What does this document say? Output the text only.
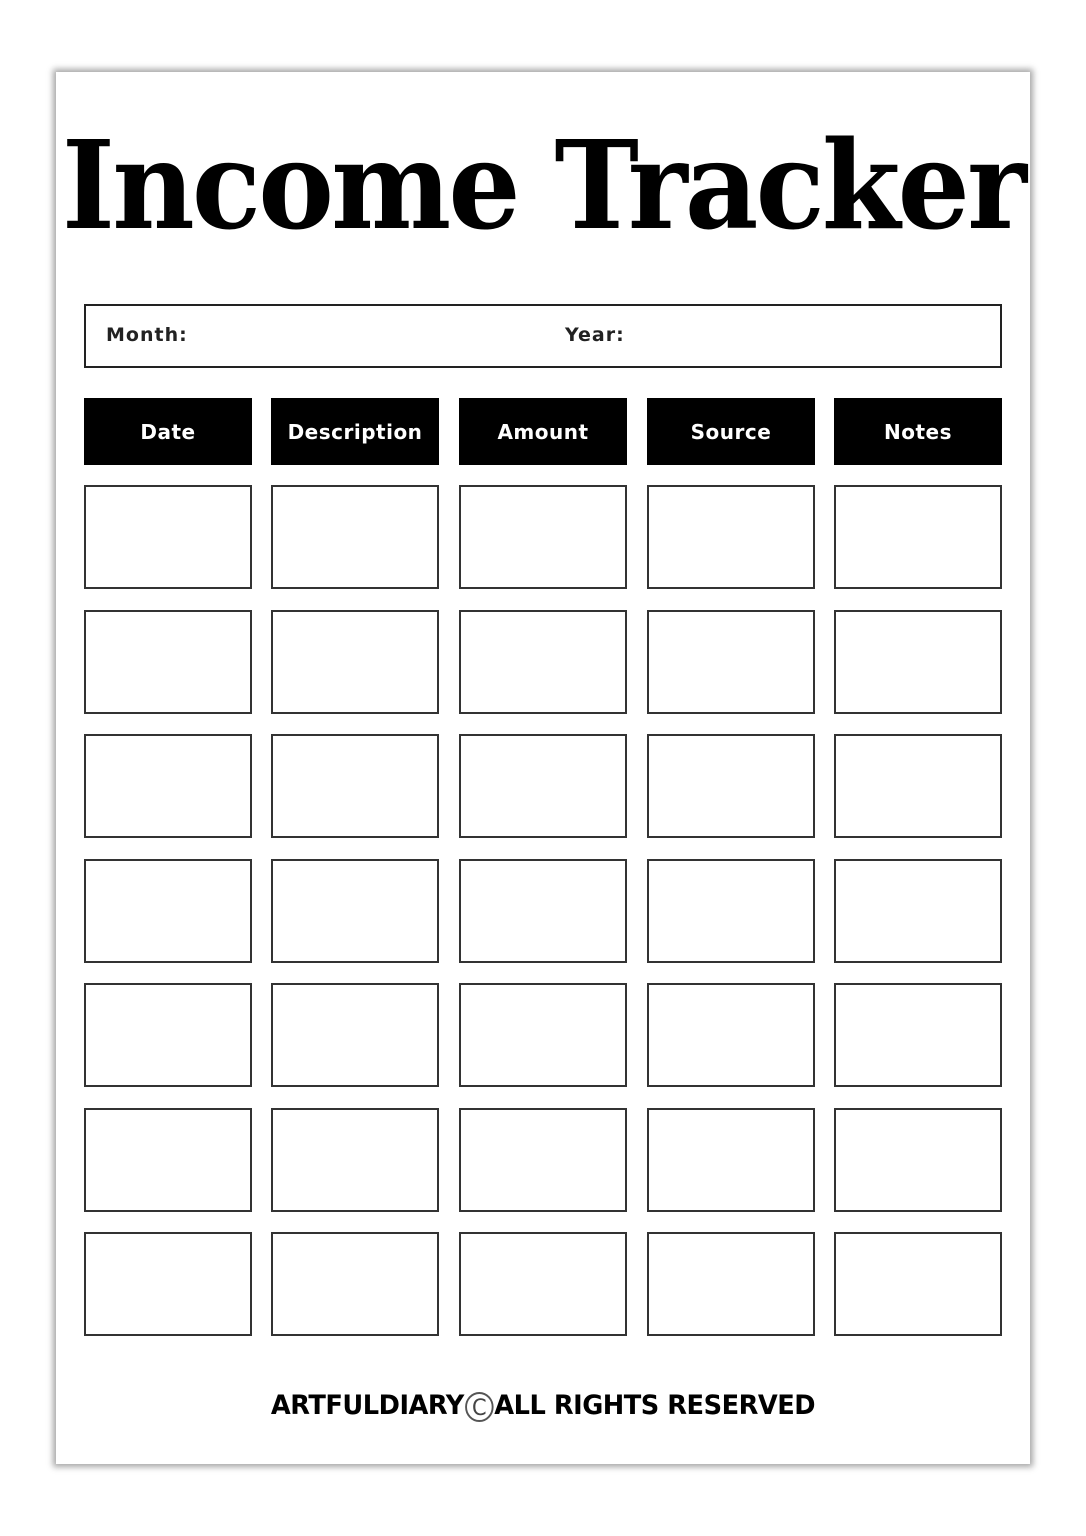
Income Tracker
Month:	Year:
Date	Description	Amount	Source	Notes
ARTFULDIARY C ALL RIGHTS RESERVED
